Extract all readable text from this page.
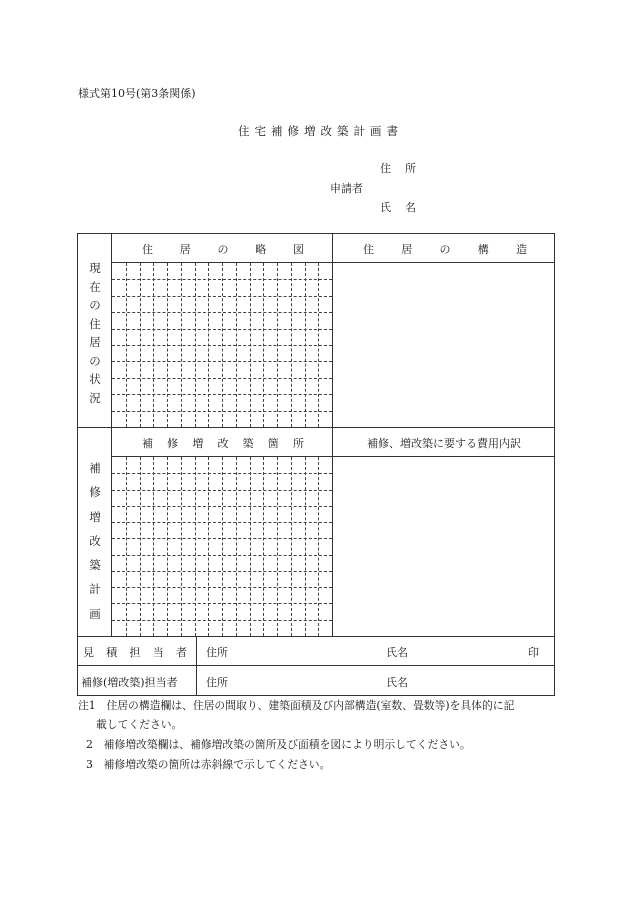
様式第10号(第3条関係)
住宅補修増改築計画書
住所
申請者
氏名
現
在
の
住
居
の
状
況
補
修
増
改
築
計
画
住 居 の 略 図	住 居 の 構 造
補 修 増 改 築 箇 所	補修、増改築に要する費用内訳
見 積 担 当 者 住所	氏名	印
補修(増改築)担当者	住所	氏名
注1　住居の構造欄は、住居の間取り、建築面積及び内部構造(室数、畳数等)を具体的に記
載してください。
2　補修増改築欄は、補修増改築の箇所及び面積を図により明示してください。
3　補修増改築の箇所は赤斜線で示してください。
